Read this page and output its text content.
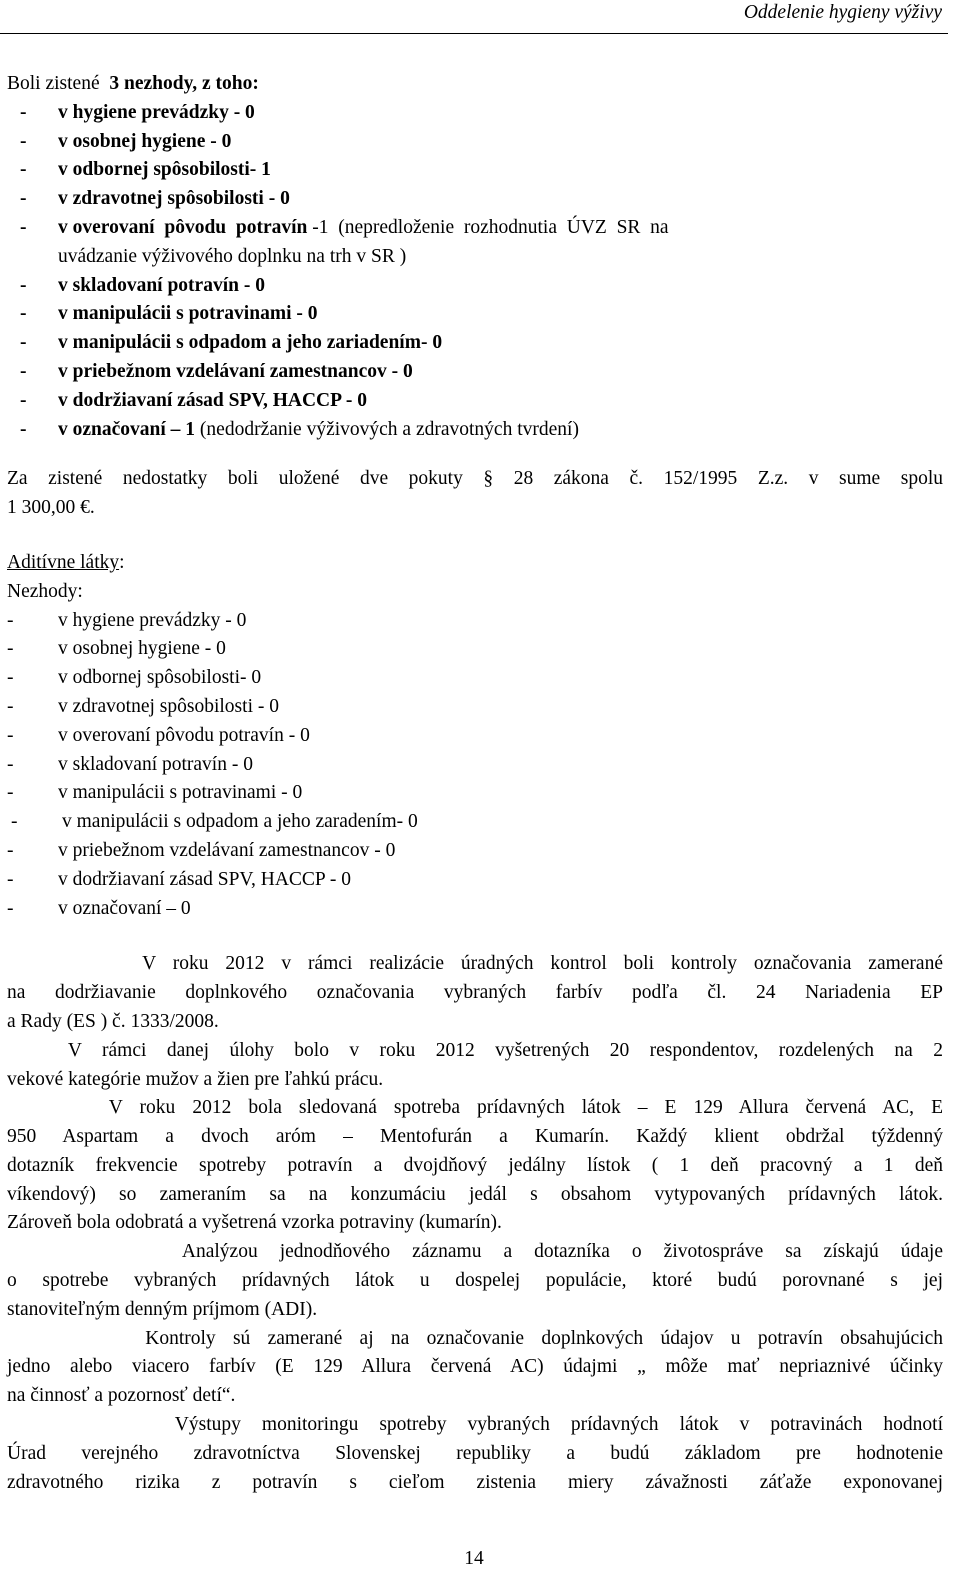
Oddelenie hygieny výživy
Boli zistené  3 nezhody, z toho:
-	v hygiene prevádzky - 0
-	v osobnej hygiene - 0
-	v odbornej spôsobilosti- 1
-	v zdravotnej spôsobilosti - 0
-	v overovaní  pôvodu  potravín -1  (nepredloženie  rozhodnutia  ÚVZ  SR  na
uvádzanie výživového doplnku na trh v SR )
-	v skladovaní potravín - 0
-	v manipulácii s potravinami - 0
-	v manipulácii s odpadom a jeho zariadením- 0
-	v priebežnom vzdelávaní zamestnancov - 0
-	v dodržiavaní zásad SPV, HACCP - 0
-	v označovaní – 1 (nedodržanie výživových a zdravotných tvrdení)
Za zistené nedostatky boli uložené dve pokuty § 28 zákona č. 152/1995 Z.z. v sume spolu
1 300,00 €.
Aditívne látky:
Nezhody:
-	v hygiene prevádzky - 0
-	v osobnej hygiene - 0
-	v odbornej spôsobilosti- 0
-	v zdravotnej spôsobilosti - 0
-	v overovaní pôvodu potravín - 0
-	v skladovaní potravín - 0
-	v manipulácii s potravinami - 0
-	v manipulácii s odpadom a jeho zaradením- 0
-	v priebežnom vzdelávaní zamestnancov - 0
-	v dodržiavaní zásad SPV, HACCP - 0
-	v označovaní – 0
V roku 2012 v rámci realizácie úradných kontrol boli kontroly označovania zamerané
na dodržiavanie doplnkového označovania vybraných farbív podľa čl. 24 Nariadenia EP
a Rady (ES ) č. 1333/2008.
V rámci danej úlohy bolo v roku 2012 vyšetrených 20 respondentov, rozdelených na 2
vekové kategórie mužov a žien pre ľahkú prácu.
V roku 2012 bola sledovaná spotreba prídavných látok – E 129 Allura červená AC, E
950 Aspartam a dvoch aróm – Mentofurán a Kumarín. Každý klient obdržal týždenný
dotazník frekvencie spotreby potravín a dvojdňový jedálny lístok ( 1 deň pracovný a 1 deň
víkendový) so zameraním sa na konzumáciu jedál s obsahom vytypovaných prídavných látok.
Zároveň bola odobratá a vyšetrená vzorka potraviny (kumarín).
Analýzou jednodňového záznamu a dotazníka o životospráve sa získajú údaje
o spotrebe vybraných prídavných látok u dospelej populácie, ktoré budú porovnané s jej
stanoviteľným denným príjmom (ADI).
Kontroly sú zamerané aj na označovanie doplnkových údajov u potravín obsahujúcich
jedno alebo viacero farbív (E 129 Allura červená AC) údajmi „ môže mať nepriaznivé účinky
na činnosť a pozornosť detí“.
Výstupy monitoringu spotreby vybraných prídavných látok v potravinách hodnotí
Úrad verejného zdravotníctva Slovenskej republiky a budú základom pre hodnotenie
zdravotného rizika z potravín s cieľom zistenia miery závažnosti záťaže exponovanej
14
